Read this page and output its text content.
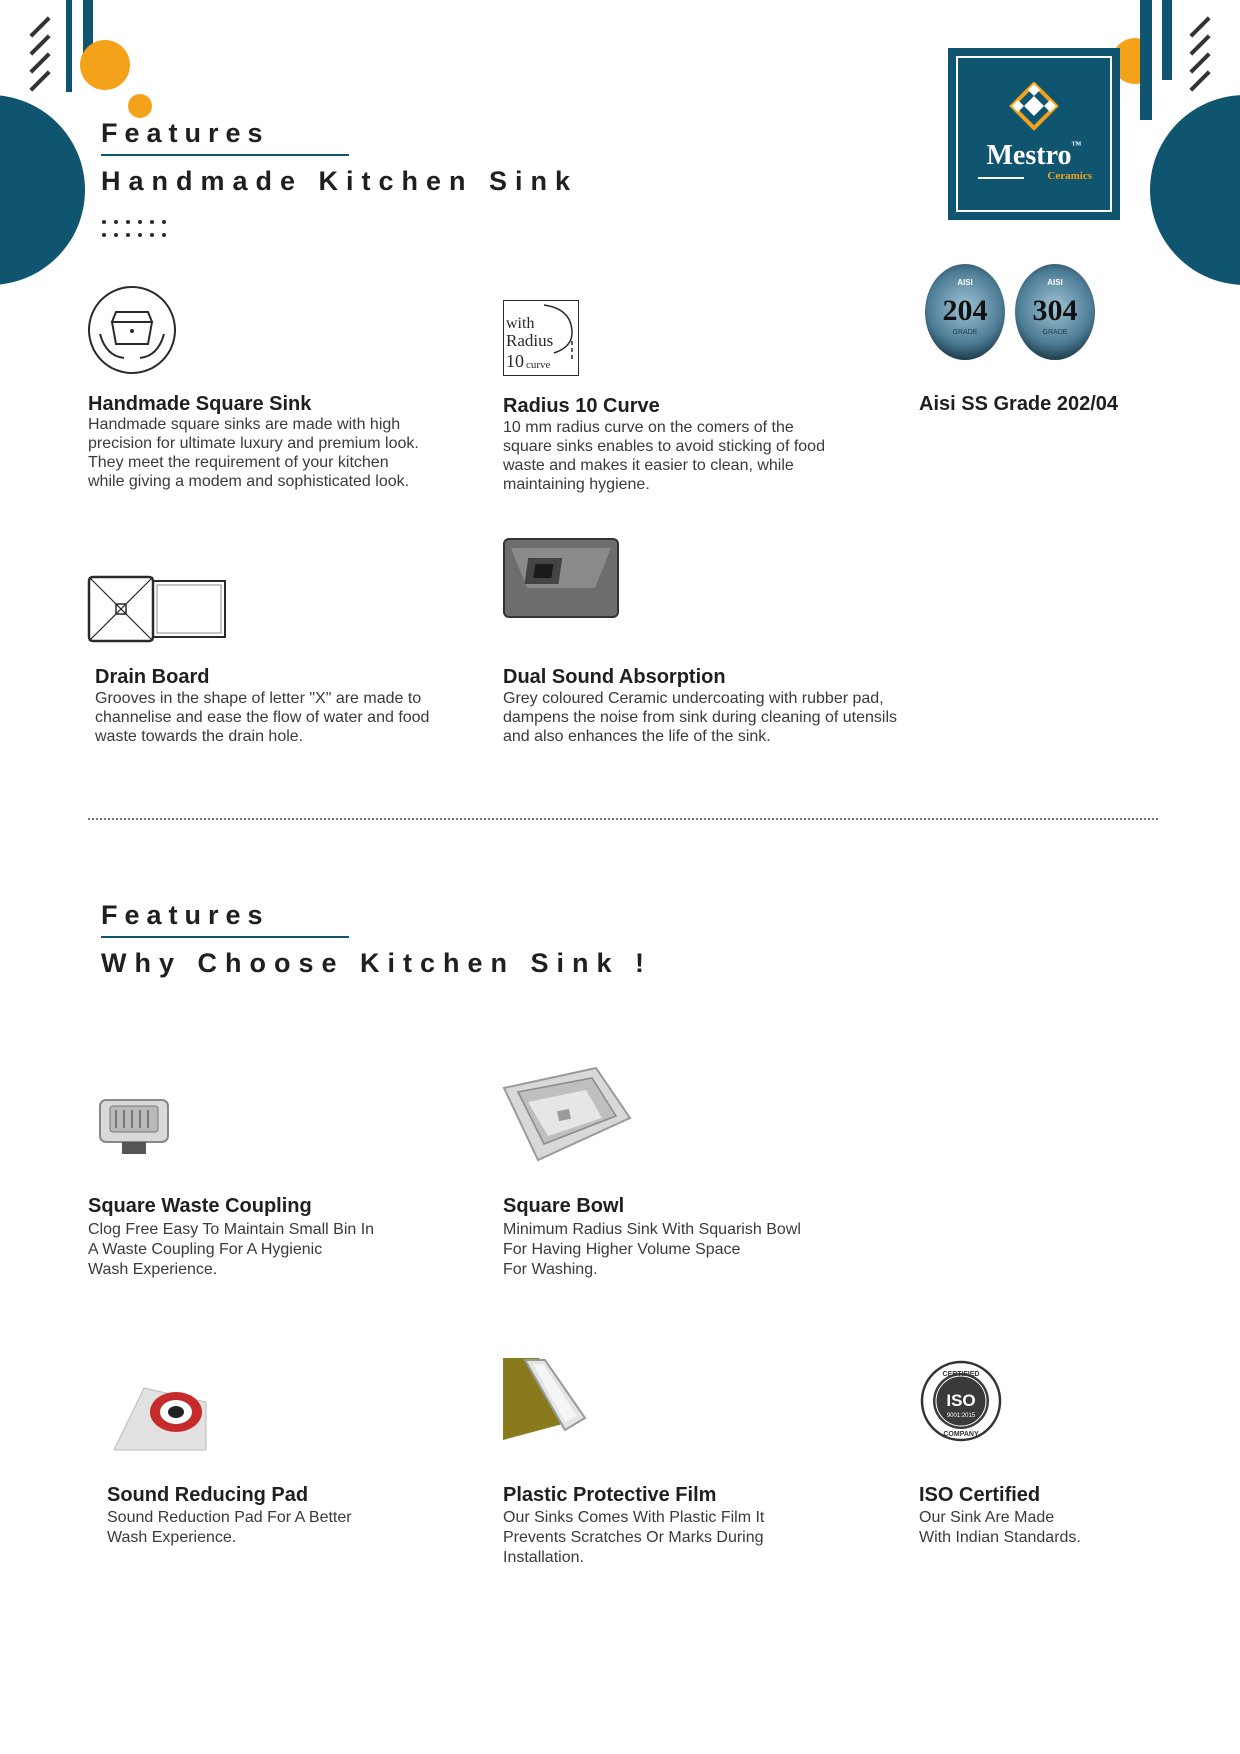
Mestro™
Ceramics
Features
Handmade Kitchen Sink
with
Radius
10 curve
AISI
204
GRADE
AISI
304
GRADE
Handmade Square Sink
Handmade square sinks are made with high
precision for ultimate luxury and premium look.
They meet the requirement of your kitchen
while giving a modem and sophisticated look.
Radius 10 Curve
10 mm radius curve on the comers of the
square sinks enables to avoid sticking of food
waste and makes it easier to clean, while
maintaining hygiene.
Aisi SS Grade 202/04
Drain Board
Grooves in the shape of letter "X" are made to
channelise and ease the flow of water and food
waste towards the drain hole.
Dual Sound Absorption
Grey coloured Ceramic undercoating with rubber pad,
dampens the noise from sink during cleaning of utensils
and also enhances the life of the sink.
Features
Why Choose Kitchen Sink !
Square Waste Coupling
Clog Free Easy To Maintain Small Bin In
A Waste Coupling For A Hygienic
Wash Experience.
Square Bowl
Minimum Radius Sink With Squarish Bowl
For Having Higher Volume Space
For Washing.
CERTIFIED
ISO
9001:2015
COMPANY
Sound Reducing Pad
Sound Reduction Pad For A Better
Wash Experience.
Plastic Protective Film
Our Sinks Comes With Plastic Film It
Prevents Scratches Or Marks During
Installation.
ISO Certified
Our Sink Are Made
With Indian Standards.
